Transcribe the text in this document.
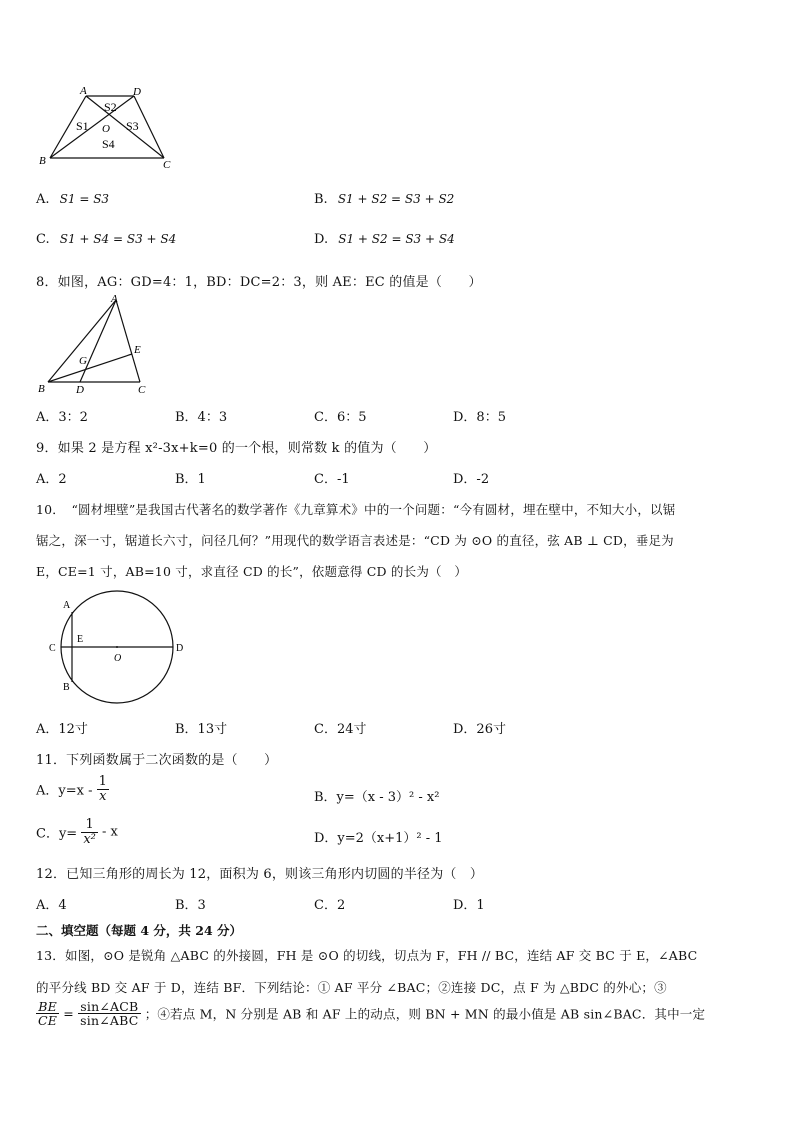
A	D
S2
S1 O S3
S4
B	C
A. S1 = S3	B. S1 + S2 = S3 + S2
C. S1 + S4 = S3 + S4	D. S1 + S2 = S3 + S4
8．如图，AG：GD=4：1，BD：DC=2：3，则 AE：EC 的值是（　　）
A
E
G
B	D	C
A．3：2	B．4：3	C．6：5	D．8：5
9．如果 2 是方程 x²-3x+k=0 的一个根，则常数 k 的值为（　　）
A．2	B．1	C．-1	D．-2
10．　“圆材埋壁”是我国古代著名的数学著作《九章算术》中的一个问题：“今有圆材，埋在壁中，不知大小，以锯
锯之，深一寸，锯道长六寸，问径几何？”用现代的数学语言表述是：“CD 为 ⊙O 的直径，弦 AB ⊥ CD，垂足为
E，CE=1 寸，AB=10 寸，求直径 CD 的长”，依题意得 CD 的长为（　）
A
C
E
O
D
B
A．12寸	B．13寸	C．24寸	D．26寸
11．下列函数属于二次函数的是（　　）
A．$y=x - \frac{1}{x}$	B．y=（x - 3）² - x²
C．$y= \frac{1}{\text{x²}} - x$	D．y=2（x+1）² - 1
12．已知三角形的周长为 12，面积为 6，则该三角形内切圆的半径为（　）
A．4	B．3	C．2	D．1
二、填空题（每题 4 分，共 24 分）
13．如图，⊙O 是锐角 △ABC 的外接圆，FH 是 ⊙O 的切线，切点为 F，FH // BC，连结 AF 交 BC 于 E，∠ABC
的平分线 BD 交 AF 于 D，连结 BF．下列结论：① AF 平分 ∠BAC；②连接 DC，点 F 为 △BDC 的外心；③
$\frac{BE}{CE} = \frac{\text{sin∠ACB}}{\text{sin∠ABC}}$ ；④若点 M，N 分别是 AB 和 AF 上的动点，则 BN + MN 的最小值是 AB sin∠BAC．其中一定
